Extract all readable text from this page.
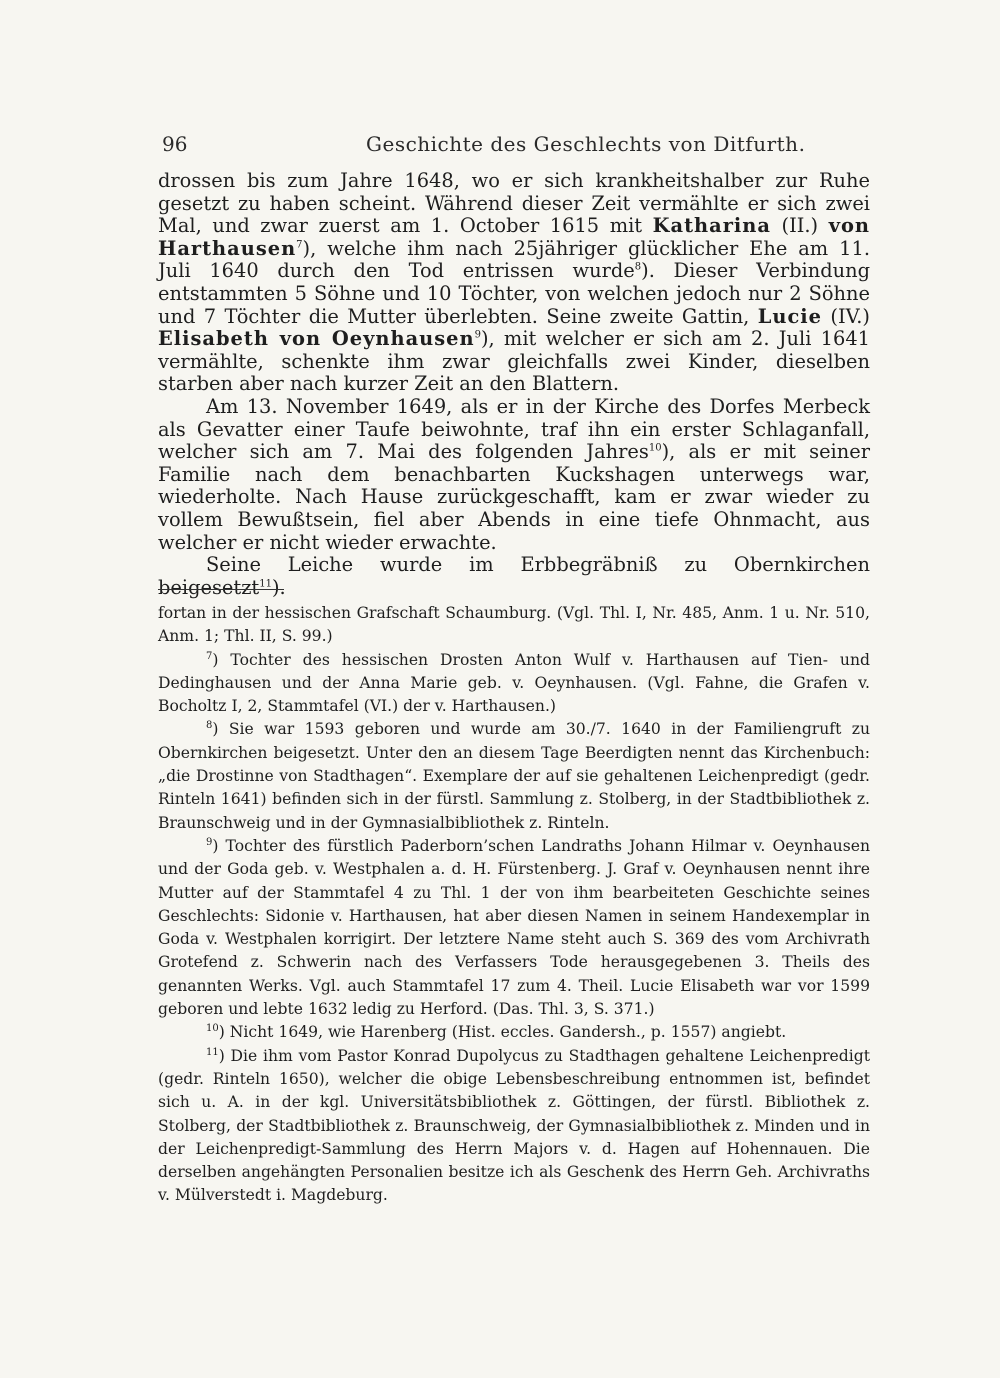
96	Geschichte des Geschlechts von Ditfurth.

drossen bis zum Jahre 1648, wo er sich krankheitshalber zur Ruhe gesetzt zu haben scheint. Während dieser Zeit vermählte er sich zwei Mal, und zwar zuerst am 1. October 1615 mit Katharina (II.) von Harthausen$^7$), welche ihm nach 25jähriger glücklicher Ehe am 11. Juli 1640 durch den Tod entrissen wurde$^8$). Dieser Verbindung entstammten 5 Söhne und 10 Töchter, von welchen jedoch nur 2 Söhne und 7 Töchter die Mutter überlebten. Seine zweite Gattin, Lucie (IV.) Elisabeth von Oeynhausen$^9$), mit welcher er sich am 2. Juli 1641 vermählte, schenkte ihm zwar gleichfalls zwei Kinder, dieselben starben aber nach kurzer Zeit an den Blattern.

Am 13. November 1649, als er in der Kirche des Dorfes Merbeck als Gevatter einer Taufe beiwohnte, traf ihn ein erster Schlaganfall, welcher sich am 7. Mai des folgenden Jahres$^{10}$), als er mit seiner Familie nach dem benachbarten Kuckshagen unterwegs war, wiederholte. Nach Hause zurückgeschafft, kam er zwar wieder zu vollem Bewußtsein, fiel aber Abends in eine tiefe Ohnmacht, aus welcher er nicht wieder erwachte.

Seine Leiche wurde im Erbbegräbniß zu Obernkirchen beigesetzt$^{11}$).

fortan in der hessischen Grafschaft Schaumburg. (Vgl. Thl. I, Nr. 485, Anm. 1 u. Nr. 510, Anm. 1; Thl. II, S. 99.)

$^7$) Tochter des hessischen Drosten Anton Wulf v. Harthausen auf Tien- und Dedinghausen und der Anna Marie geb. v. Oeynhausen. (Vgl. Fahne, die Grafen v. Bocholtz I, 2, Stammtafel (VI.) der v. Harthausen.)

$^8$) Sie war 1593 geboren und wurde am 30./7. 1640 in der Familiengruft zu Obernkirchen beigesetzt. Unter den an diesem Tage Beerdigten nennt das Kirchenbuch: „die Drostinne von Stadthagen“. Exemplare der auf sie gehaltenen Leichenpredigt (gedr. Rinteln 1641) befinden sich in der fürstl. Sammlung z. Stolberg, in der Stadtbibliothek z. Braunschweig und in der Gymnasialbibliothek z. Rinteln.

$^9$) Tochter des fürstlich Paderborn’schen Landraths Johann Hilmar v. Oeynhausen und der Goda geb. v. Westphalen a. d. H. Fürstenberg. J. Graf v. Oeynhausen nennt ihre Mutter auf der Stammtafel 4 zu Thl. 1 der von ihm bearbeiteten Geschichte seines Geschlechts: Sidonie v. Harthausen, hat aber diesen Namen in seinem Handexemplar in Goda v. Westphalen korrigirt. Der letztere Name steht auch S. 369 des vom Archivrath Grotefend z. Schwerin nach des Verfassers Tode herausgegebenen 3. Theils des genannten Werks. Vgl. auch Stammtafel 17 zum 4. Theil. Lucie Elisabeth war vor 1599 geboren und lebte 1632 ledig zu Herford. (Das. Thl. 3, S. 371.)

$^{10}$) Nicht 1649, wie Harenberg (Hist. eccles. Gandersh., p. 1557) angiebt.

$^{11}$) Die ihm vom Pastor Konrad Dupolycus zu Stadthagen gehaltene Leichenpredigt (gedr. Rinteln 1650), welcher die obige Lebensbeschreibung entnommen ist, befindet sich u. A. in der kgl. Universitätsbibliothek z. Göttingen, der fürstl. Bibliothek z. Stolberg, der Stadtbibliothek z. Braunschweig, der Gymnasialbibliothek z. Minden und in der Leichenpredigt-Sammlung des Herrn Majors v. d. Hagen auf Hohennauen. Die derselben angehängten Personalien besitze ich als Geschenk des Herrn Geh. Archivraths v. Mülverstedt i. Magdeburg.
